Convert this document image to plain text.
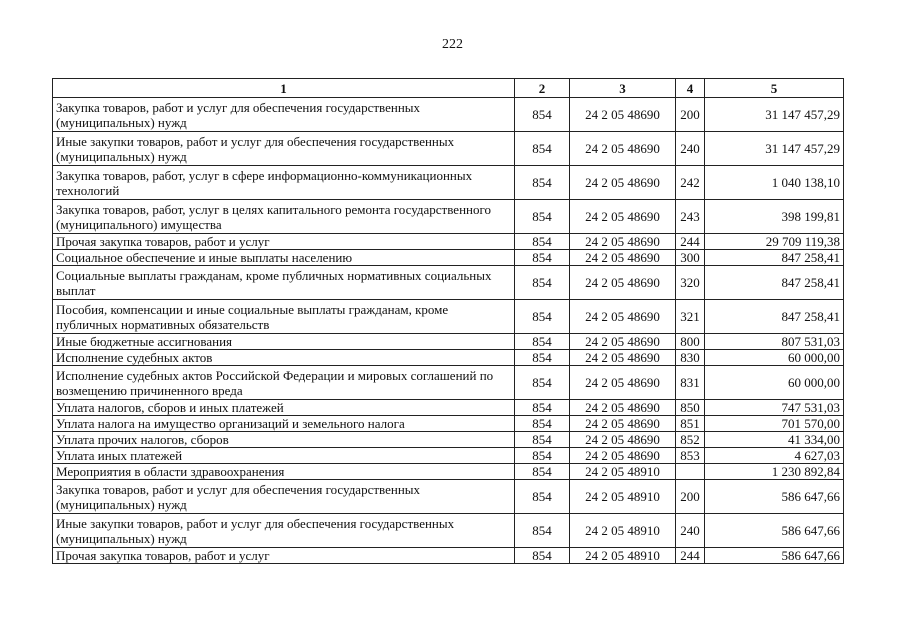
222
1	2	3	4	5
Закупка товаров, работ и услуг для обеспечения государственных (муниципальных) нужд	854	24 2 05 48690	200	31 147 457,29
Иные закупки товаров, работ и услуг для обеспечения государственных (муниципальных) нужд	854	24 2 05 48690	240	31 147 457,29
Закупка товаров, работ, услуг в сфере информационно-коммуникационных технологий	854	24 2 05 48690	242	1 040 138,10
Закупка товаров, работ, услуг в целях капитального ремонта государственного (муниципального) имущества	854	24 2 05 48690	243	398 199,81
Прочая закупка товаров, работ и услуг	854	24 2 05 48690	244	29 709 119,38
Социальное обеспечение и иные выплаты населению	854	24 2 05 48690	300	847 258,41
Социальные выплаты гражданам, кроме публичных нормативных социальных выплат	854	24 2 05 48690	320	847 258,41
Пособия, компенсации и иные социальные выплаты гражданам, кроме публичных нормативных обязательств	854	24 2 05 48690	321	847 258,41
Иные бюджетные ассигнования	854	24 2 05 48690	800	807 531,03
Исполнение судебных актов	854	24 2 05 48690	830	60 000,00
Исполнение судебных актов Российской Федерации и мировых соглашений по возмещению причиненного вреда	854	24 2 05 48690	831	60 000,00
Уплата налогов, сборов и иных платежей	854	24 2 05 48690	850	747 531,03
Уплата налога на имущество организаций и земельного налога	854	24 2 05 48690	851	701 570,00
Уплата прочих налогов, сборов	854	24 2 05 48690	852	41 334,00
Уплата иных платежей	854	24 2 05 48690	853	4 627,03
Мероприятия в области здравоохранения	854	24 2 05 48910		1 230 892,84
Закупка товаров, работ и услуг для обеспечения государственных (муниципальных) нужд	854	24 2 05 48910	200	586 647,66
Иные закупки товаров, работ и услуг для обеспечения государственных (муниципальных) нужд	854	24 2 05 48910	240	586 647,66
Прочая закупка товаров, работ и услуг	854	24 2 05 48910	244	586 647,66
